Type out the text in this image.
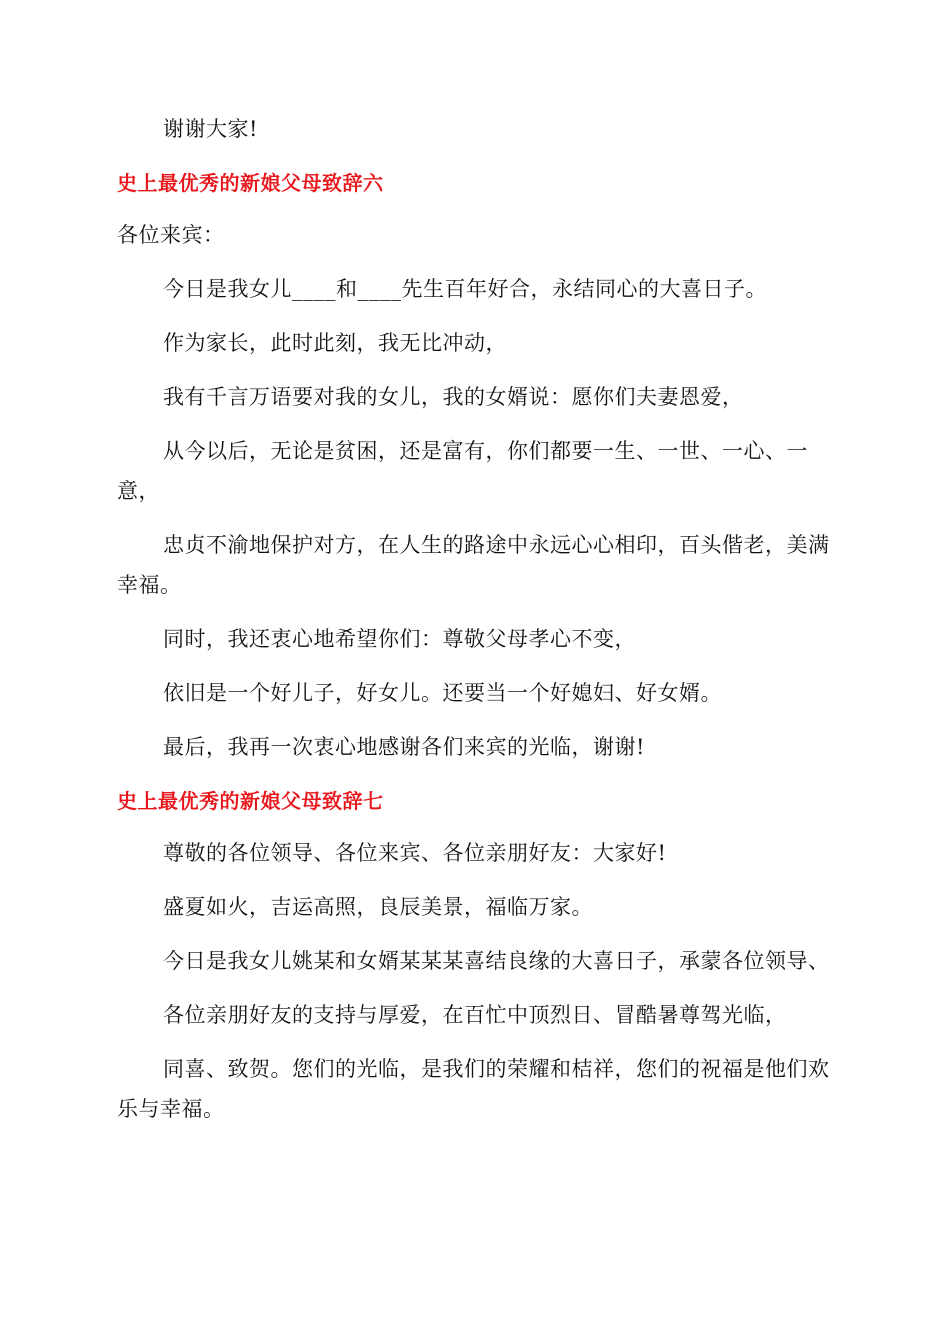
谢谢大家!

史上最优秀的新娘父母致辞六

各位来宾：

今日是我女儿____和____先生百年好合，永结同心的大喜日子。

作为家长，此时此刻，我无比冲动，

我有千言万语要对我的女儿，我的女婿说：愿你们夫妻恩爱，

从今以后，无论是贫困，还是富有，你们都要一生、一世、一心、一意，

忠贞不渝地保护对方，在人生的路途中永远心心相印，百头偕老，美满幸福。

同时，我还衷心地希望你们：尊敬父母孝心不变，

依旧是一个好儿子，好女儿。还要当一个好媳妇、好女婿。

最后，我再一次衷心地感谢各们来宾的光临，谢谢!

史上最优秀的新娘父母致辞七

尊敬的各位领导、各位来宾、各位亲朋好友：大家好!

盛夏如火，吉运高照，良辰美景，福临万家。

今日是我女儿姚某和女婿某某某喜结良缘的大喜日子，承蒙各位领导、

各位亲朋好友的支持与厚爱，在百忙中顶烈日、冒酷暑尊驾光临，

同喜、致贺。您们的光临，是我们的荣耀和桔祥，您们的祝福是他们欢乐与幸福。
